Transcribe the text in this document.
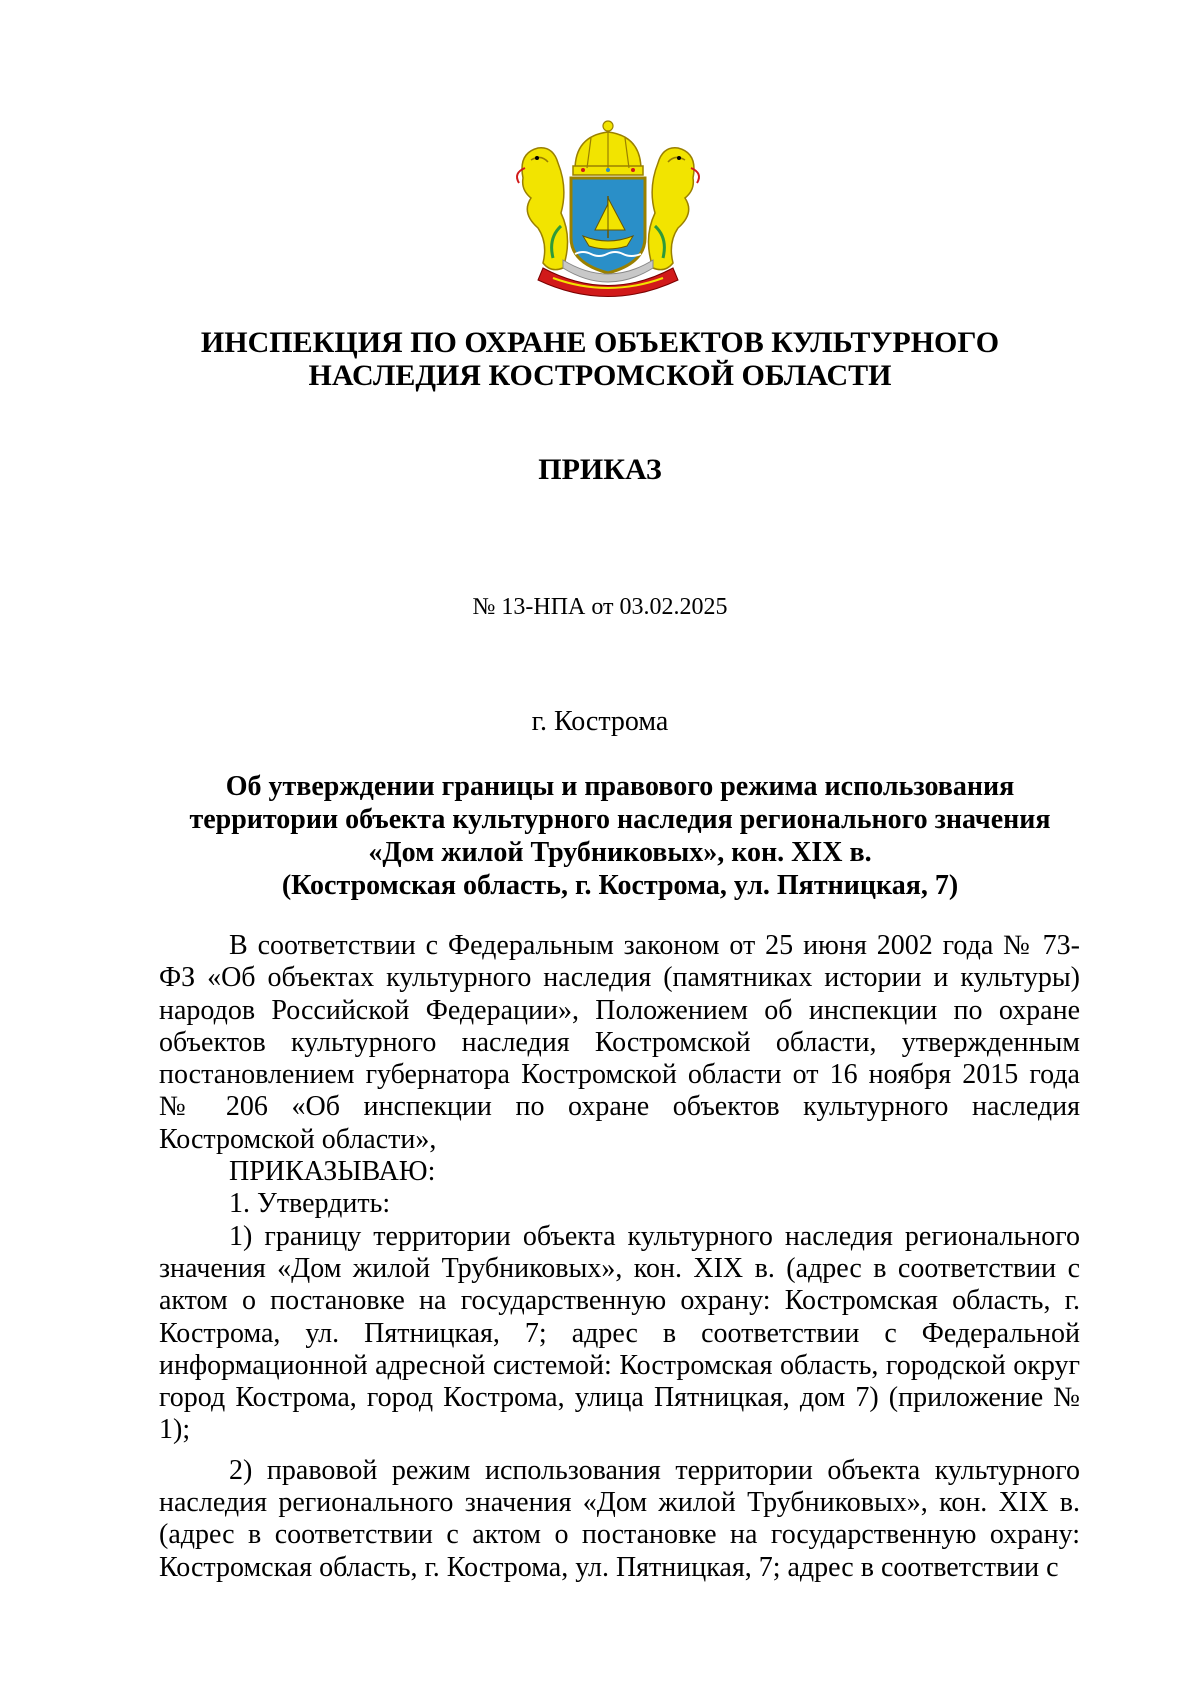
ИНСПЕКЦИЯ ПО ОХРАНЕ ОБЪЕКТОВ КУЛЬТУРНОГО
НАСЛЕДИЯ КОСТРОМСКОЙ ОБЛАСТИ
ПРИКАЗ
№ 13-НПА от 03.02.2025
г. Кострома
Об утверждении границы и правового режима использования
территории объекта культурного наследия регионального значения
«Дом жилой Трубниковых», кон. XIX в.
(Костромская область, г. Кострома, ул. Пятницкая, 7)

В соответствии с Федеральным законом от 25 июня 2002 года № 73-ФЗ «Об объектах культурного наследия (памятниках истории и культуры) народов Российской Федерации», Положением об инспекции по охране объектов культурного наследия Костромской области, утвержденным постановлением губернатора Костромской области от 16 ноября 2015 года № 206 «Об инспекции по охране объектов культурного наследия Костромской области»,

ПРИКАЗЫВАЮ:

1. Утвердить:

1) границу территории объекта культурного наследия регионального значения «Дом жилой Трубниковых», кон. XIX в. (адрес в соответствии с актом о постановке на государственную охрану: Костромская область, г. Кострома, ул. Пятницкая, 7; адрес в соответствии с Федеральной информационной адресной системой: Костромская область, городской округ город Кострома, город Кострома, улица Пятницкая, дом 7) (приложение № 1);

2) правовой режим использования территории объекта культурного наследия регионального значения «Дом жилой Трубниковых», кон. XIX в. (адрес в соответствии с актом о постановке на государственную охрану: Костромская область, г. Кострома, ул. Пятницкая, 7; адрес в соответствии с
